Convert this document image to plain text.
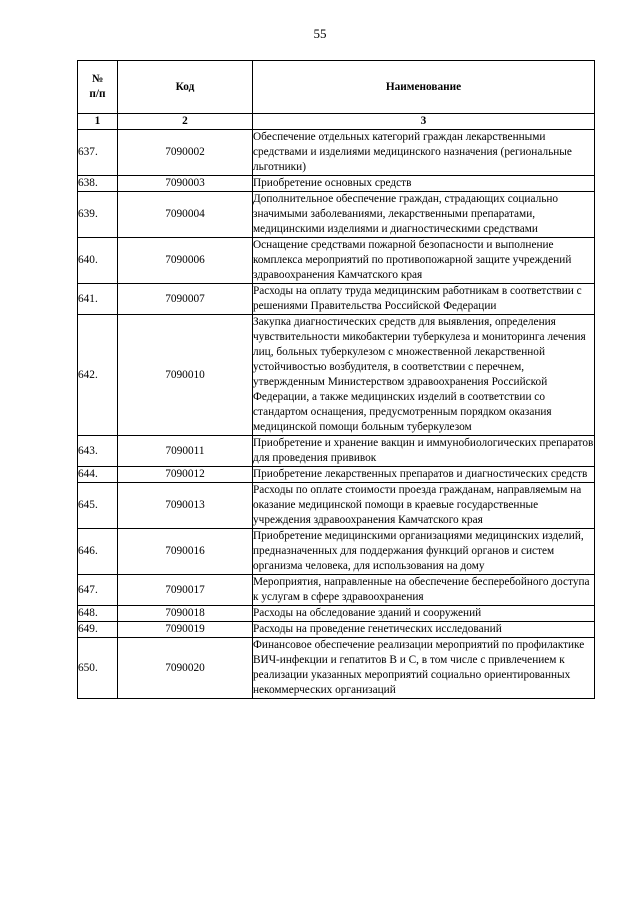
55
№
п/п	Код	Наименование
1	2	3
637.	7090002	Обеспечение отдельных категорий граждан лекарственными средствами и изделиями медицинского назначения (региональные льготники)
638.	7090003	Приобретение основных средств
639.	7090004	Дополнительное обеспечение граждан, страдающих социально значимыми заболеваниями, лекарственными препаратами, медицинскими изделиями и диагностическими средствами
640.	7090006	Оснащение средствами пожарной безопасности и выполнение комплекса мероприятий по противопожарной защите учреждений здравоохранения Камчатского края
641.	7090007	Расходы на оплату труда медицинским работникам в соответствии с решениями Правительства Российской Федерации
642.	7090010	Закупка диагностических средств для выявления, определения чувствительности микобактерии туберкулеза и мониторинга лечения лиц, больных туберкулезом с множественной лекарственной устойчивостью возбудителя, в соответствии с перечнем, утвержденным Министерством здравоохранения Российской Федерации, а также медицинских изделий в соответствии со стандартом оснащения, предусмотренным порядком оказания медицинской помощи больным туберкулезом
643.	7090011	Приобретение и хранение вакцин и иммунобиологических препаратов для проведения прививок
644.	7090012	Приобретение лекарственных препаратов и диагностических средств
645.	7090013	Расходы по оплате стоимости проезда гражданам, направляемым на оказание медицинской помощи в краевые государственные учреждения здравоохранения Камчатского края
646.	7090016	Приобретение медицинскими организациями медицинских изделий, предназначенных для поддержания функций органов и систем организма человека, для использования на дому
647.	7090017	Мероприятия, направленные на обеспечение бесперебойного доступа к услугам в сфере здравоохранения
648.	7090018	Расходы на обследование зданий и сооружений
649.	7090019	Расходы на проведение генетических исследований
650.	7090020	Финансовое обеспечение реализации мероприятий по профилактике ВИЧ-инфекции и гепатитов B и C, в том числе с привлечением к реализации указанных мероприятий социально ориентированных некоммерческих организаций
